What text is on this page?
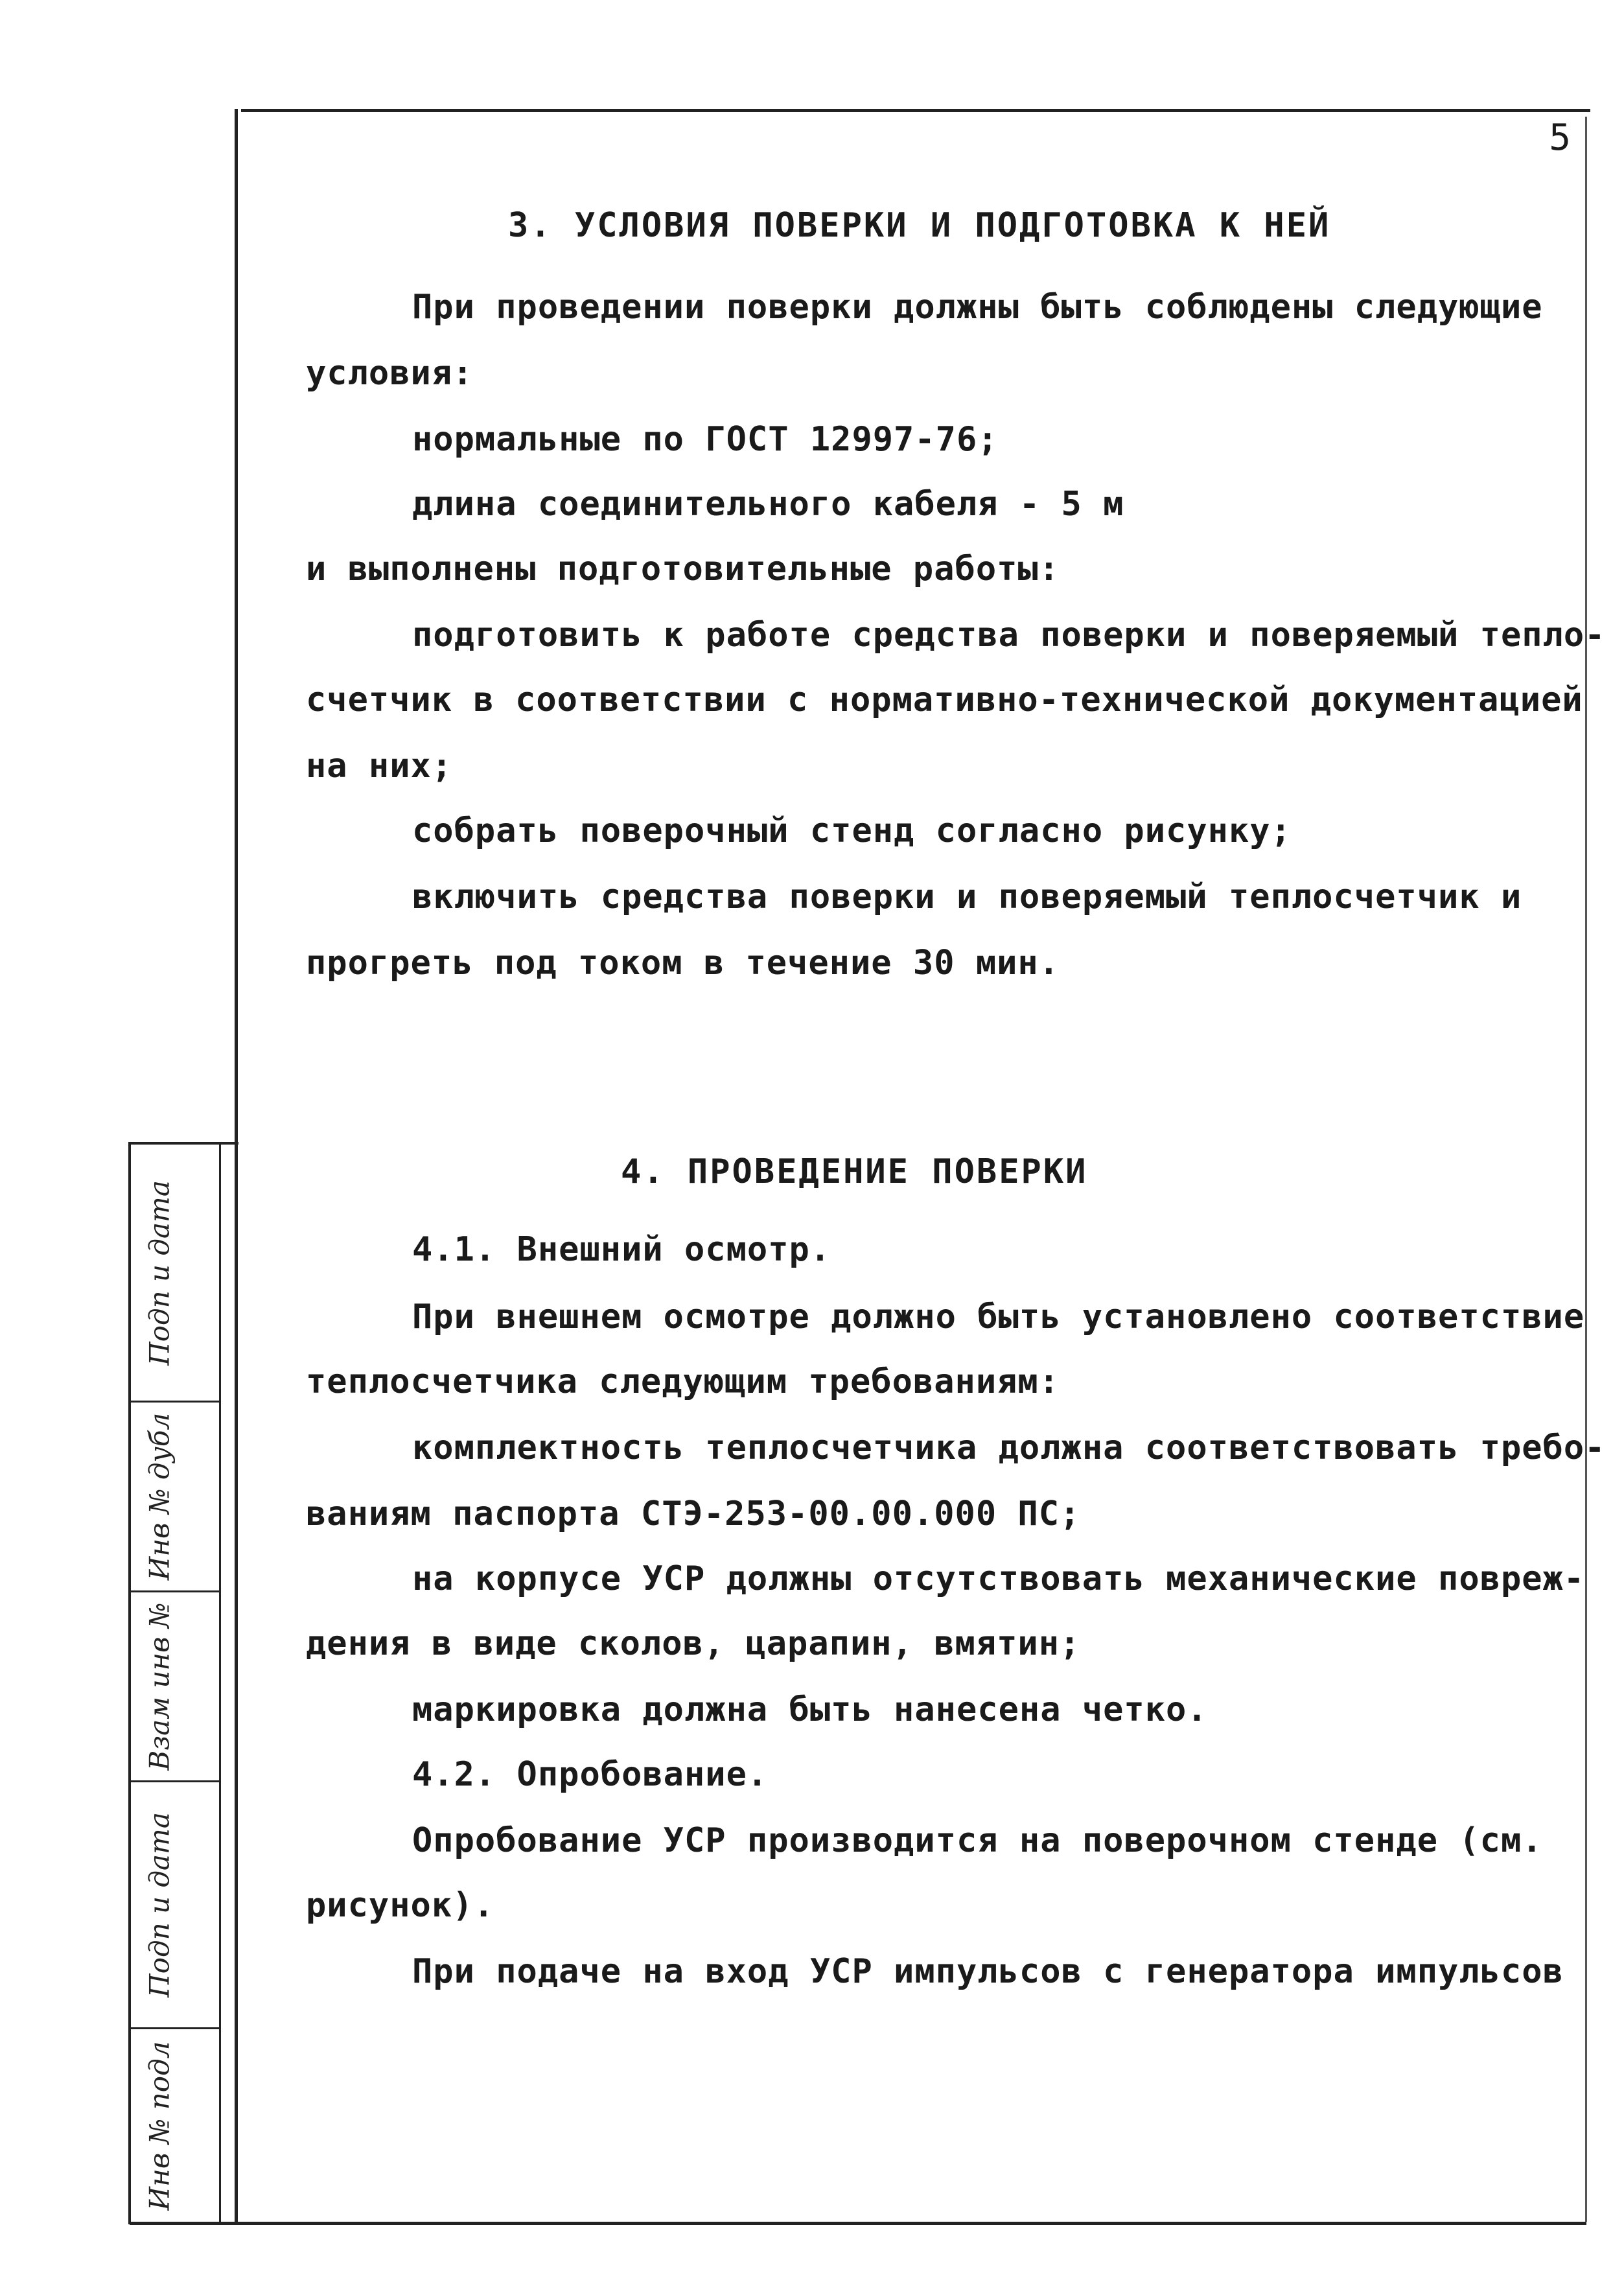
5
Подп и дата
Инв № дубл
Взам инв №
Подп и дата
Инв № подл
3. УСЛОВИЯ ПОВЕРКИ И ПОДГОТОВКА К НЕЙ
При проведении поверки должны быть соблюдены следующие
условия:
нормальные по ГОСТ 12997-76;
длина соединительного кабеля - 5 м
и выполнены подготовительные работы:
подготовить к работе средства поверки и поверяемый тепло-
счетчик в соответствии с нормативно-технической документацией
на них;
собрать поверочный стенд согласно рисунку;
включить средства поверки и поверяемый теплосчетчик и
прогреть под током в течение 30 мин.
4. ПРОВЕДЕНИЕ ПОВЕРКИ
4.1. Внешний осмотр.
При внешнем осмотре должно быть установлено соответствие
теплосчетчика следующим требованиям:
комплектность теплосчетчика должна соответствовать требо-
ваниям паспорта СТЭ-253-00.00.000 ПС;
на корпусе УСР должны отсутствовать механические повреж-
дения в виде сколов, царапин, вмятин;
маркировка должна быть нанесена четко.
4.2. Опробование.
Опробование УСР производится на поверочном стенде (см.
рисунок).
При подаче на вход УСР импульсов с генератора импульсов
